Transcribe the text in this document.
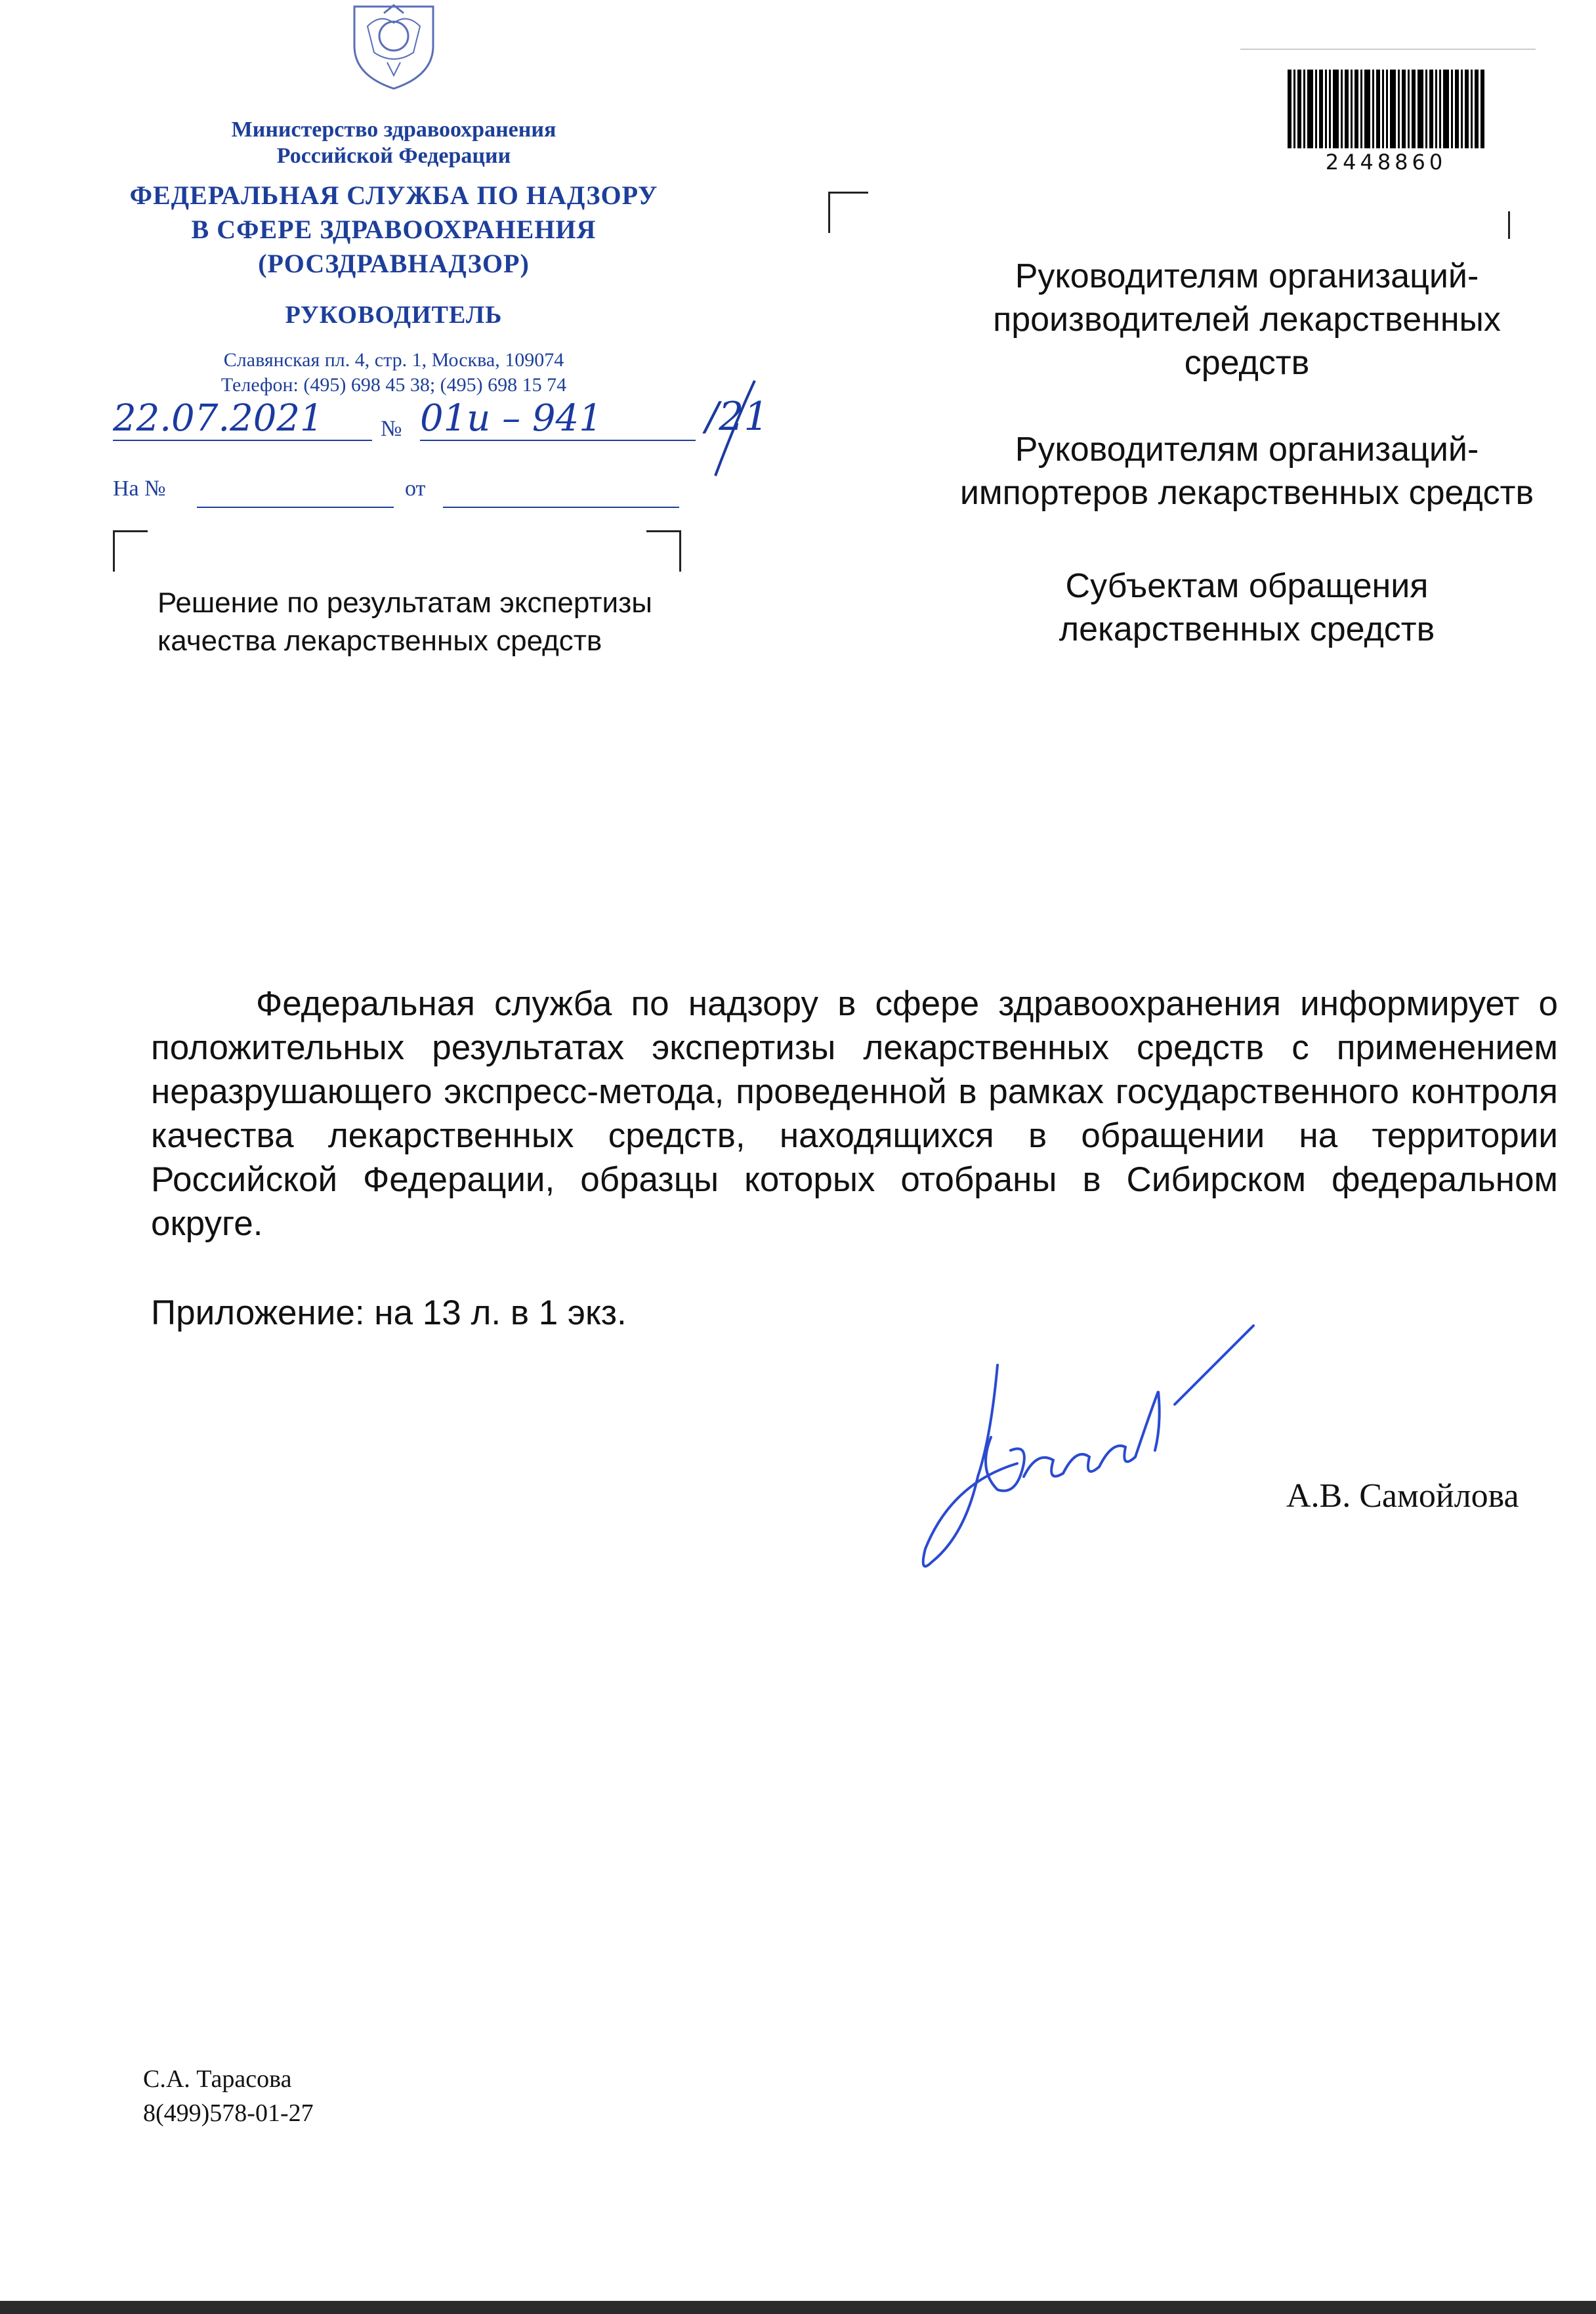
Министерство здравоохранения
Российской Федерации
ФЕДЕРАЛЬНАЯ СЛУЖБА ПО НАДЗОРУ
В СФЕРЕ ЗДРАВООХРАНЕНИЯ
(РОСЗДРАВНАДЗОР)
РУКОВОДИТЕЛЬ
Славянская пл. 4, стр. 1, Москва, 109074
Телефон: (495) 698 45 38; (495) 698 15 74
22.07.2021	№ 01и – 941	/21
На №	от
Решение по результатам экспертизы
качества лекарственных средств
2448860
Руководителям организаций-
производителей лекарственных
средств
Руководителям организаций-
импортеров лекарственных средств
Субъектам обращения
лекарственных средств
Федеральная служба по надзору в сфере здравоохранения информирует о положительных результатах экспертизы лекарственных средств с применением неразрушающего экспресс-метода, проведенной в рамках государственного контроля качества лекарственных средств, находящихся в обращении на территории Российской Федерации, образцы которых отобраны в Сибирском федеральном округе.
Приложение: на 13 л. в 1 экз.
А.В. Самойлова
С.А. Тарасова
8(499)578-01-27
